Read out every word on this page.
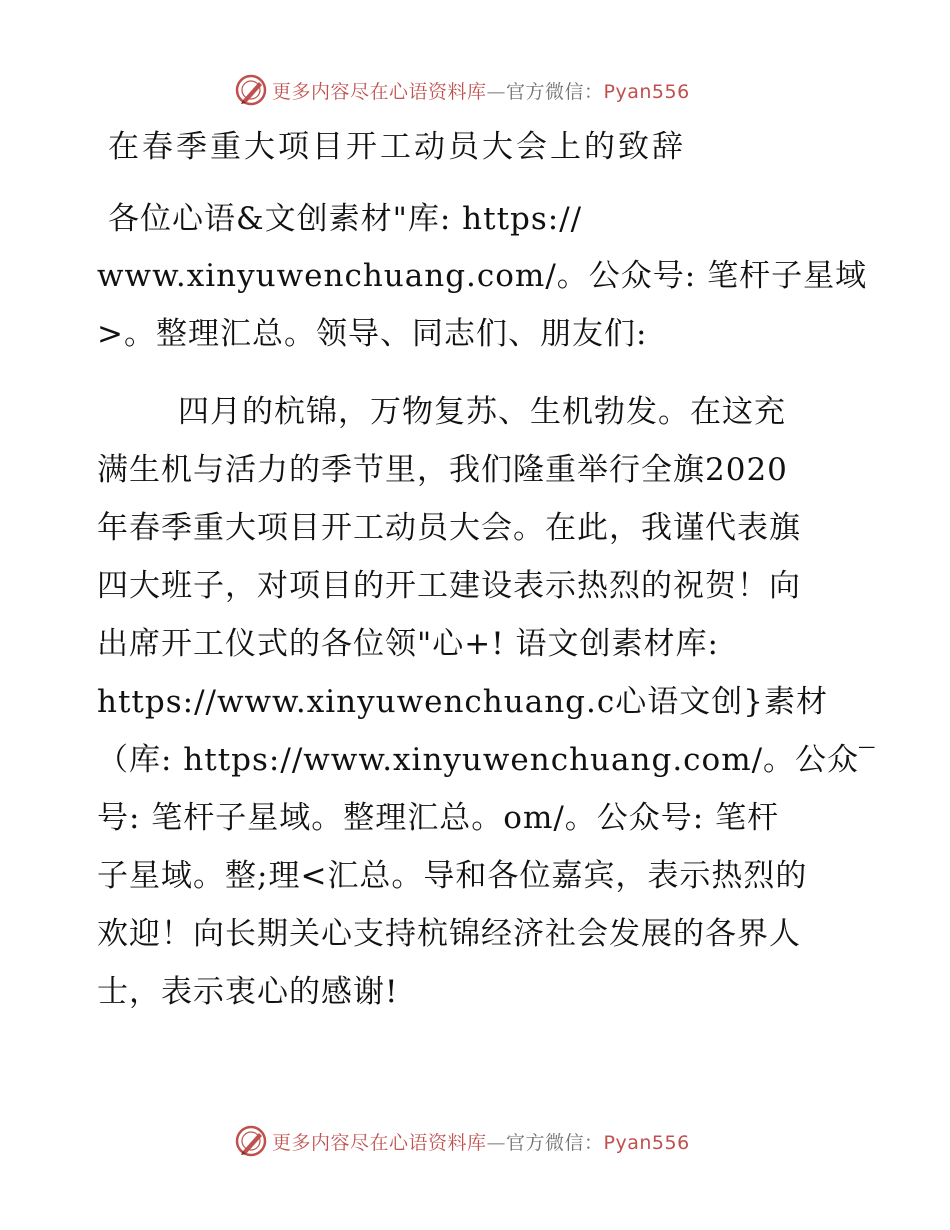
更多内容尽在心语资料库—官方微信：Pyan556
在春季重大项目开工动员大会上的致辞
各位心语&文创素材"库: https://
www.xinyuwenchuang.com/。公众号: 笔杆子星域
>。整理汇总。领导、同志们、朋友们:
四月的杭锦，万物复苏、生机勃发。在这充
满生机与活力的季节里，我们隆重举行全旗2020
年春季重大项目开工动员大会。在此，我谨代表旗
四大班子，对项目的开工建设表示热烈的祝贺！向
出席开工仪式的各位领"心+! 语文创素材库:
https://www.xinyuwenchuang.c心语文创}素材
（库: https://www.xinyuwenchuang.com/。公众‾
号: 笔杆子星域。整理汇总。om/。公众号: 笔杆
子星域。整;理<汇总。导和各位嘉宾，表示热烈的
欢迎！向长期关心支持杭锦经济社会发展的各界人
士，表示衷心的感谢!
更多内容尽在心语资料库—官方微信：Pyan556
